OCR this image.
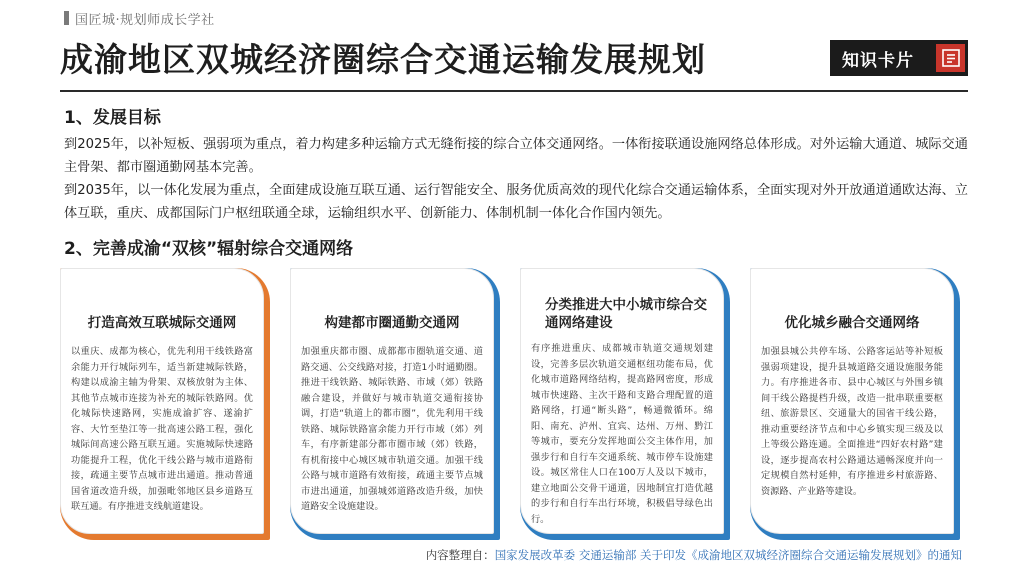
国匠城·规划师成长学社
成渝地区双城经济圈综合交通运输发展规划	知识卡片
1、发展目标

到2025年，以补短板、强弱项为重点，着力构建多种运输方式无缝衔接的综合立体交通网络。一体衔接联通设施网络总体形成。对外运输大通道、城际交通主骨架、都市圈通勤网基本完善。

到2035年，以一体化发展为重点，全面建成设施互联互通、运行智能安全、服务优质高效的现代化综合交通运输体系，全面实现对外开放通道通欧达海、立体互联，重庆、成都国际门户枢纽联通全球，运输组织水平、创新能力、体制机制一体化合作国内领先。

2、完善成渝“双核”辐射综合交通网络
打造高效互联城际交通网
以重庆、成都为核心，优先利用干线铁路富余能力开行城际列车，适当新建城际铁路，构建以成渝主轴为骨架、双核放射为主体、其他节点城市连接为补充的城际铁路网。优化城际快速路网，实施成渝扩容、遂渝扩容、大竹至垫江等一批高速公路工程，强化城际间高速公路互联互通。实施城际快速路功能提升工程，优化干线公路与城市道路衔接，疏通主要节点城市进出通道。推动普通国省道改造升级，加强毗邻地区县乡道路互联互通。有序推进支线航道建设。
构建都市圈通勤交通网
加强重庆都市圈、成都都市圈轨道交通、道路交通、公交线路对接，打造1小时通勤圈。推进干线铁路、城际铁路、市域（郊）铁路融合建设，并做好与城市轨道交通衔接协调，打造“轨道上的都市圈”，优先利用干线铁路、城际铁路富余能力开行市域（郊）列车，有序新建部分都市圈市域（郊）铁路，有机衔接中心城区城市轨道交通。加强干线公路与城市道路有效衔接，疏通主要节点城市进出通道，加强城郊道路改造升级，加快道路安全设施建设。
分类推进大中小城市综合交通网络建设
有序推进重庆、成都城市轨道交通规划建设，完善多层次轨道交通枢纽功能布局，优化城市道路网络结构，提高路网密度，形成城市快速路、主次干路和支路合理配置的道路网络，打通“断头路”，畅通微循环。绵阳、南充、泸州、宜宾、达州、万州、黔江等城市，要充分发挥地面公交主体作用，加强步行和自行车交通系统、城市停车设施建设。城区常住人口在100万人及以下城市，建立地面公交骨干通道，因地制宜打造优越的步行和自行车出行环境，积极倡导绿色出行。
优化城乡融合交通网络
加强县城公共停车场、公路客运站等补短板强弱项建设，提升县城道路交通设施服务能力。有序推进各市、县中心城区与外围乡镇间干线公路提档升级，改造一批串联重要枢纽、旅游景区、交通量大的国省干线公路，推动重要经济节点和中心乡镇实现三级及以上等级公路连通。全面推进“四好农村路”建设，逐步提高农村公路通达通畅深度并向一定规模自然村延伸，有序推进乡村旅游路、资源路、产业路等建设。
内容整理自：国家发展改革委 交通运输部 关于印发《成渝地区双城经济圈综合交通运输发展规划》的通知
